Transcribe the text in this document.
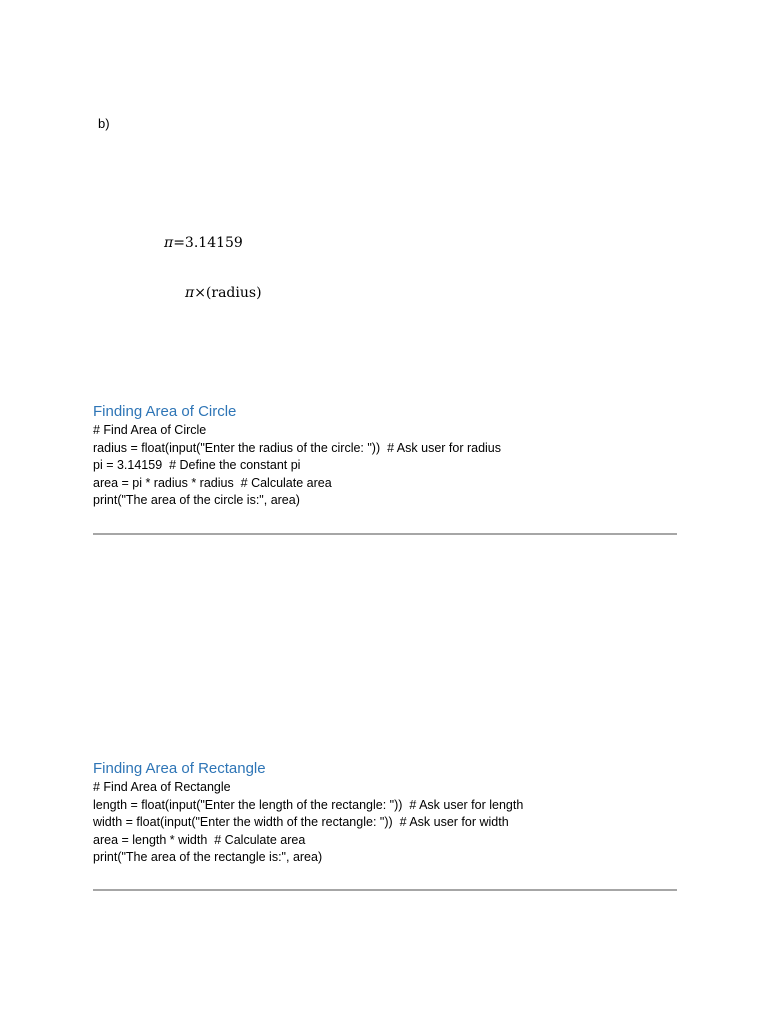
b)
π=3.14159
π×(radius)
Finding Area of Circle
# Find Area of Circle
radius = float(input("Enter the radius of the circle: "))  # Ask user for radius
pi = 3.14159  # Define the constant pi
area = pi * radius * radius  # Calculate area
print("The area of the circle is:", area)
Finding Area of Rectangle
# Find Area of Rectangle
length = float(input("Enter the length of the rectangle: "))  # Ask user for length
width = float(input("Enter the width of the rectangle: "))  # Ask user for width
area = length * width  # Calculate area
print("The area of the rectangle is:", area)
